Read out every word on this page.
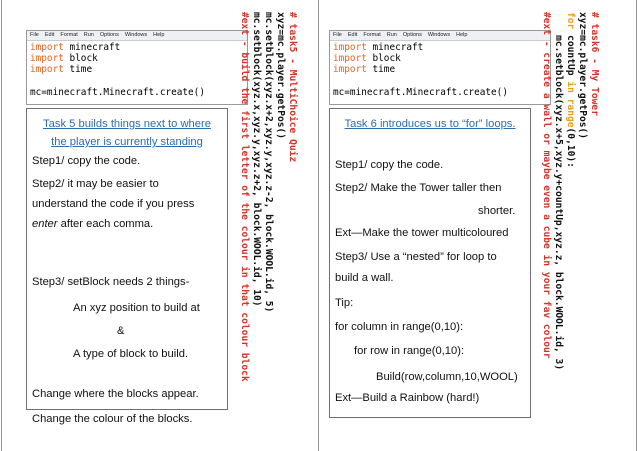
File Edit Format Run Options Windows Help
import minecraft
import block
import time

mc=minecraft.Minecraft.create()
File Edit Format Run Options Windows Help
import minecraft
import block
import time

mc=minecraft.Minecraft.create()
Task 5 builds things next to where
the player is currently standing

Step1/ copy the code.

Step2/ it may be easier to

understand the code if you press

enter after each comma.

Step3/ setBlock needs 2 things-

An xyz position to build at

&

A type of block to build.

Change where the blocks appear.

Change the colour of the blocks.

Task 6 introduces us to “for” loops.

Step1/ copy the code.

Step2/ Make the Tower taller then

shorter.

Ext—Make the tower multicoloured

Step3/ Use a “nested” for loop to

build a wall.

Tip:

for column in range(0,10):

for row in range(0,10):

Build(row,column,10,WOOL)

Ext—Build a Rainbow (hard!)

# task5 - MultiChoice Quiz
xyz=mc.player.getPos()
mc.setblock(xyz.x+2,xyz.y,xyz.z-2, block.WOOL.id, 5)
mc.setblock(xyz.x,xyz.y,xyz.z+2, block.WOOL.id, 10)
#ext - build the first letter of the colour in that colour block	# task6 - My Tower
xyz=mc.player.getPos()
for countUp in range(0,10):
mc.setblock(xyz.x+5,xyz.y+countUp,xyz.z, block.WOOL.id, 3)
#ext - create a wall or maybe even a cube in your fav colour
